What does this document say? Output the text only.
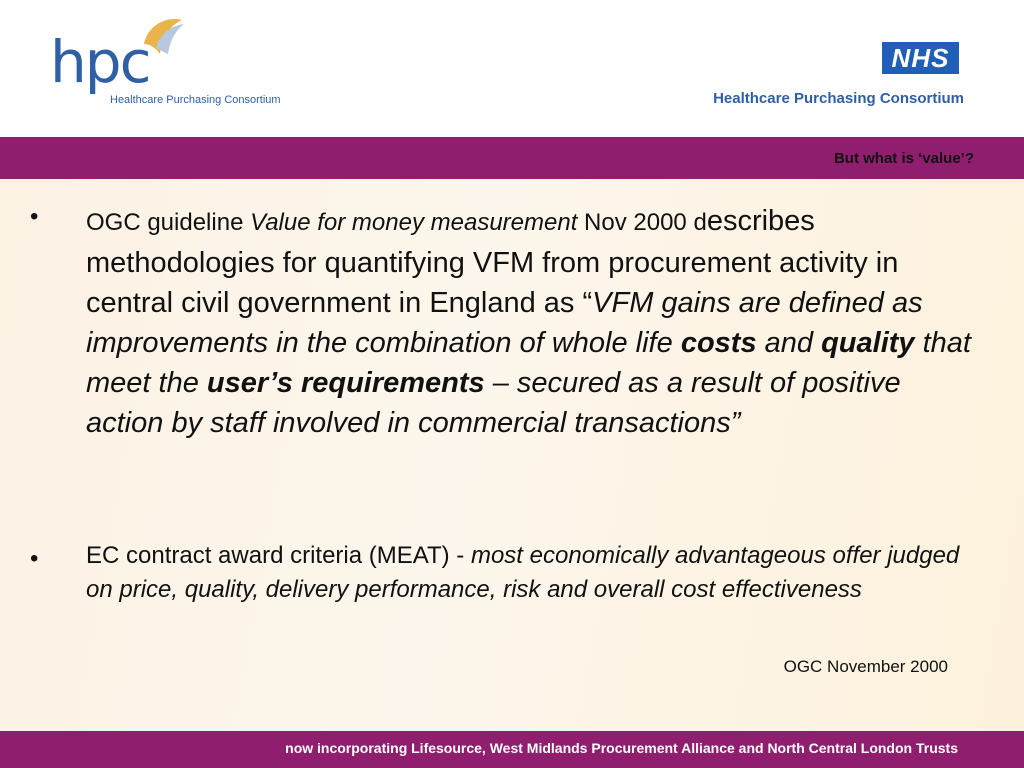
hpc
Healthcare Purchasing Consortium
NHS
Healthcare Purchasing Consortium
But what is ‘value’?
• OGC guideline Value for money measurement Nov 2000 describes methodologies for quantifying VFM from procurement activity in central civil government in England as “VFM gains are defined as improvements in the combination of whole life costs and quality that meet the user’s requirements – secured as a result of positive action by staff involved in commercial transactions”
• EC contract award criteria (MEAT) - most economically advantageous offer judged on price, quality, delivery performance, risk and overall cost effectiveness
OGC November 2000
now incorporating Lifesource, West Midlands Procurement Alliance and North Central London Trusts
